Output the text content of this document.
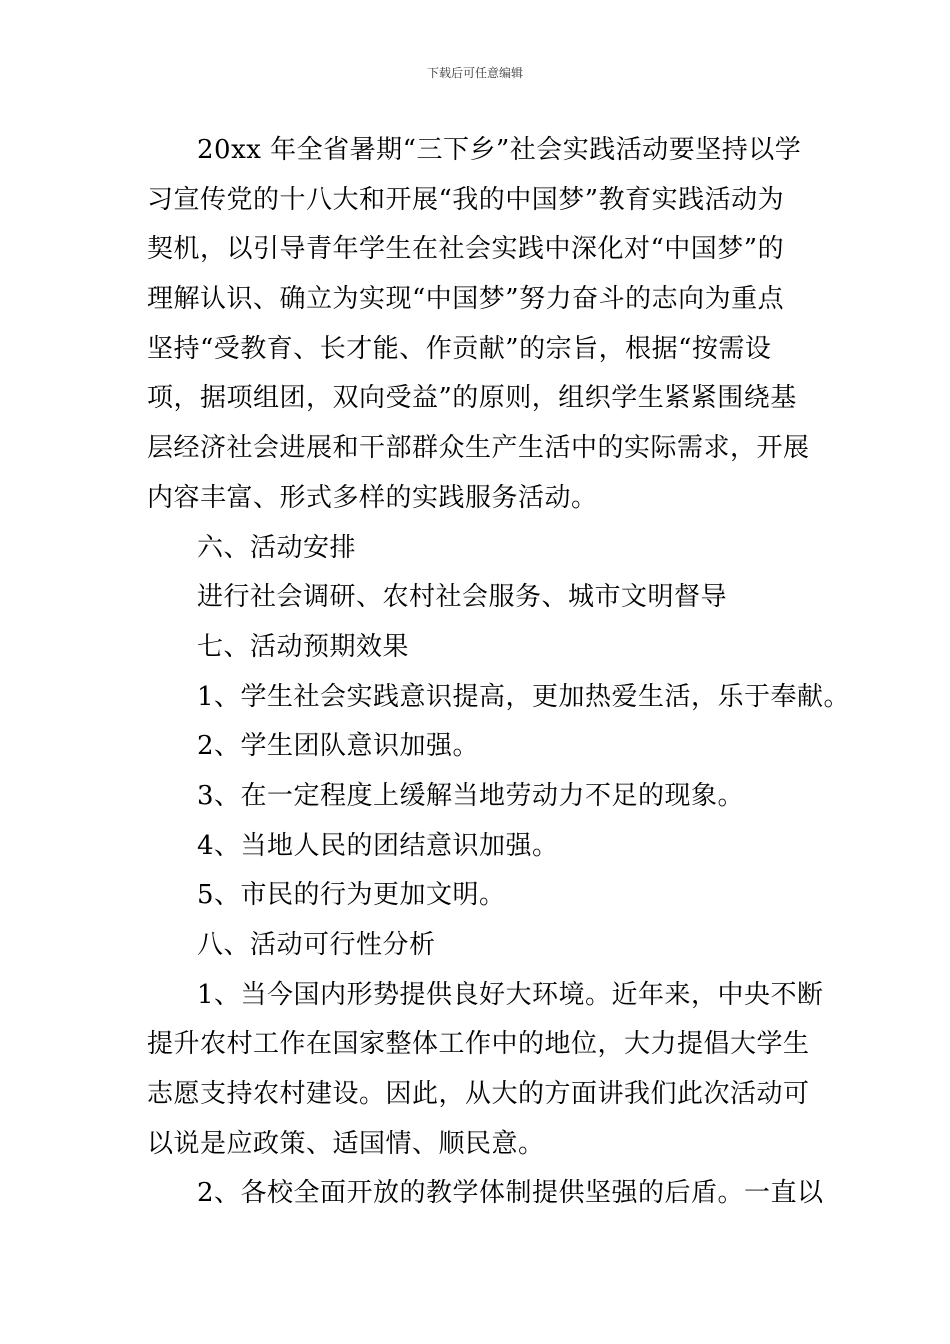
下载后可任意编辑

20xx 年全省暑期“三下乡”社会实践活动要坚持以学
习宣传党的十八大和开展“我的中国梦”教育实践活动为
契机，以引导青年学生在社会实践中深化对“中国梦”的
理解认识、确立为实现“中国梦”努力奋斗的志向为重点
坚持“受教育、长才能、作贡献”的宗旨，根据“按需设
项，据项组团，双向受益”的原则，组织学生紧紧围绕基
层经济社会进展和干部群众生产生活中的实际需求，开展
内容丰富、形式多样的实践服务活动。

六、活动安排

进行社会调研、农村社会服务、城市文明督导

七、活动预期效果

1、学生社会实践意识提高，更加热爱生活，乐于奉献。

2、学生团队意识加强。

3、在一定程度上缓解当地劳动力不足的现象。

4、当地人民的团结意识加强。

5、市民的行为更加文明。

八、活动可行性分析

1、当今国内形势提供良好大环境。近年来，中央不断
提升农村工作在国家整体工作中的地位，大力提倡大学生
志愿支持农村建设。因此，从大的方面讲我们此次活动可
以说是应政策、适国情、顺民意。

2、各校全面开放的教学体制提供坚强的后盾。一直以
